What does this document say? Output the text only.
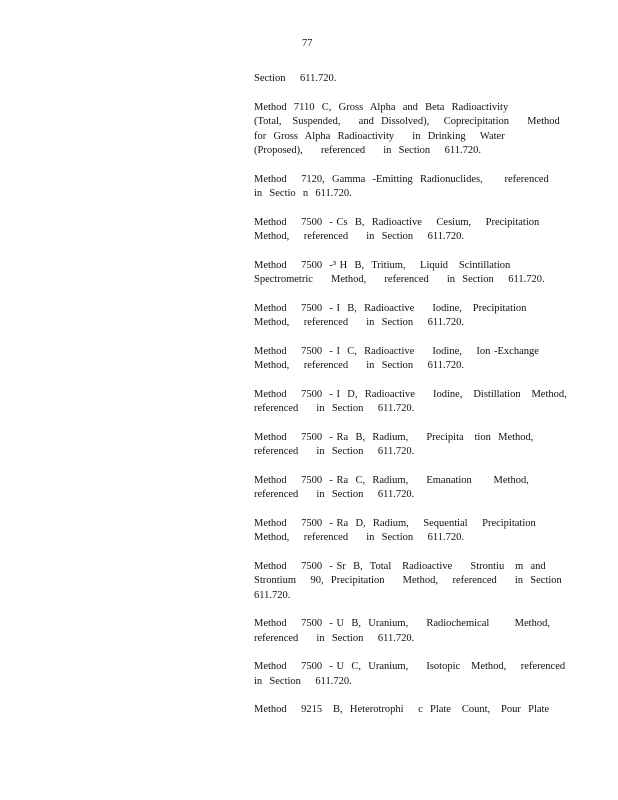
77

Section    611.720.

Method  7110  C,  Gross  Alpha  and  Beta  Radioactivity
(Total,   Suspended,     and  Dissolved),    Coprecipitation     Method
for  Gross  Alpha  Radioactivity     in  Drinking    Water
(Proposed),     referenced     in  Section    611.720.

Method    7120,  Gamma  -Emitting  Radionuclides,      referenced
in  Sectio  n  611.720.

Method    7500  - Cs  B,  Radioactive    Cesium,    Precipitation
Method,    referenced     in  Section    611.720.

Method    7500  -³ H  B,  Tritium,    Liquid   Scintillation
Spectrometric     Method,     referenced     in  Section    611.720.

Method    7500  - I  B,  Radioactive     Iodine,   Precipitation
Method,    referenced     in  Section    611.720.

Method    7500  - I  C,  Radioactive     Iodine,    Ion -Exchange
Method,    referenced     in  Section    611.720.

Method    7500  - I  D,  Radioactive     Iodine,   Distillation   Method,
referenced     in  Section    611.720.

Method    7500  - Ra  B,  Radium,     Precipita   tion  Method,
referenced     in  Section    611.720.

Method    7500  - Ra  C,  Radium,     Emanation      Method,
referenced     in  Section    611.720.

Method    7500  - Ra  D,  Radium,    Sequential    Precipitation
Method,    referenced     in  Section    611.720.

Method    7500  - Sr  B,  Total   Radioactive     Strontiu   m  and
Strontium    90,  Precipitation     Method,    referenced     in  Section
611.720.

Method    7500  - U  B,  Uranium,     Radiochemical       Method,
referenced     in  Section    611.720.

Method    7500  - U  C,  Uranium,     Isotopic   Method,    referenced
in  Section    611.720.

Method    9215   B,  Heterotrophi    c  Plate   Count,   Pour  Plate
